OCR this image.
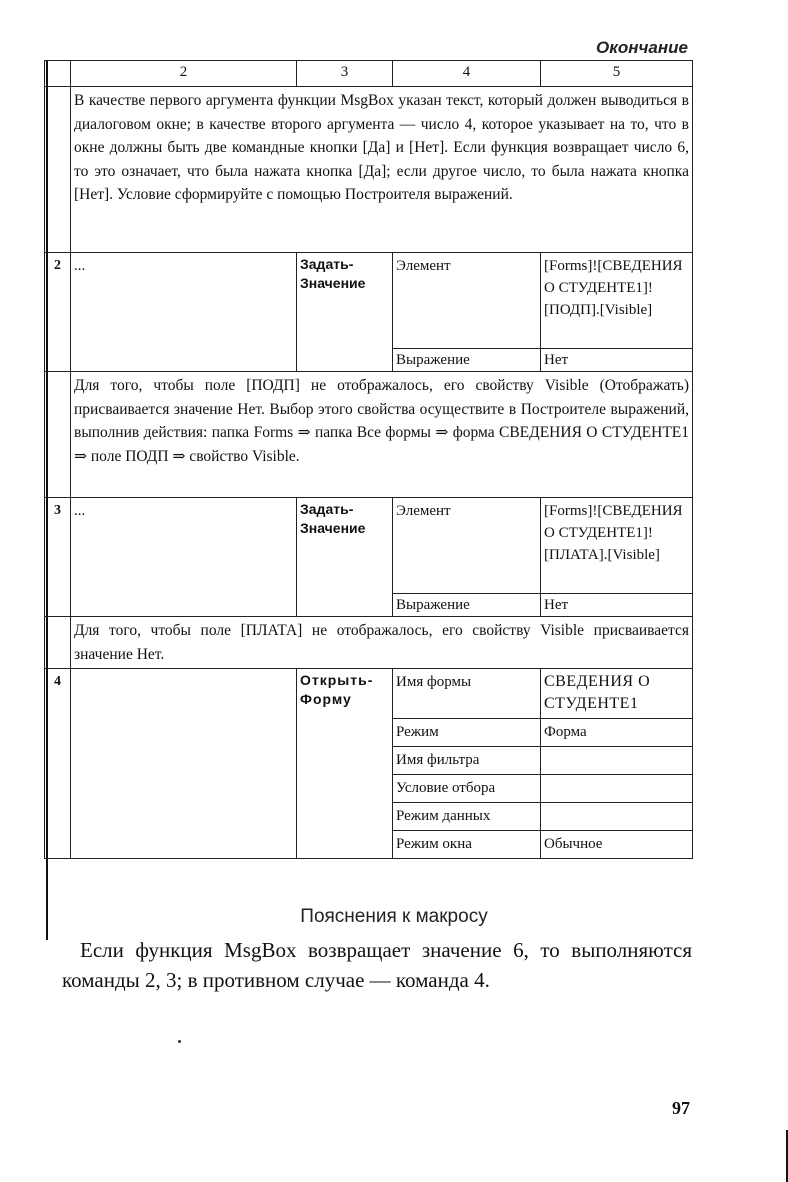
Окончание
	2	3	4	5
	В качестве первого аргумента функции MsgBox указан текст, который должен выводиться в диалоговом окне; в качестве второго аргумента — число 4, которое указывает на то, что в окне должны быть две командные кнопки [Да] и [Нет]. Если функция возвращает число 6, то это означает, что была нажата кнопка [Да]; если другое число, то была нажата кнопка [Нет]. Условие сформируйте с помощью Построителя выражений.			
2	...	Задать-Значение	Элемент	[Forms]![СВЕДЕНИЯ О СТУДЕНТЕ1]![ПОДП].[Visible]
			Выражение	Нет
	Для того, чтобы поле [ПОДП] не отображалось, его свойству Visible (Отображать) присваивается значение Нет. Выбор этого свойства осуществите в Построителе выражений, выполнив действия: папка Forms ⇒ папка Все формы ⇒ форма СВЕДЕНИЯ О СТУДЕНТЕ1 ⇒ поле ПОДП ⇒ свойство Visible.			
3	...	Задать-Значение	Элемент	[Forms]![СВЕДЕНИЯ О СТУДЕНТЕ1]![ПЛАТА].[Visible]
			Выражение	Нет
	Для того, чтобы поле [ПЛАТА] не отображалось, его свойству Visible присваивается значение Нет.			
4		Открыть-Форму	Имя формы	СВЕДЕНИЯ О СТУДЕНТЕ1
			Режим	Форма
			Имя фильтра	
			Условие отбора	
			Режим данных	
			Режим окна	Обычное
Пояснения к макросу
Если функция MsgBox возвращает значение 6, то выполняются команды 2, 3; в противном случае — команда 4.
97
